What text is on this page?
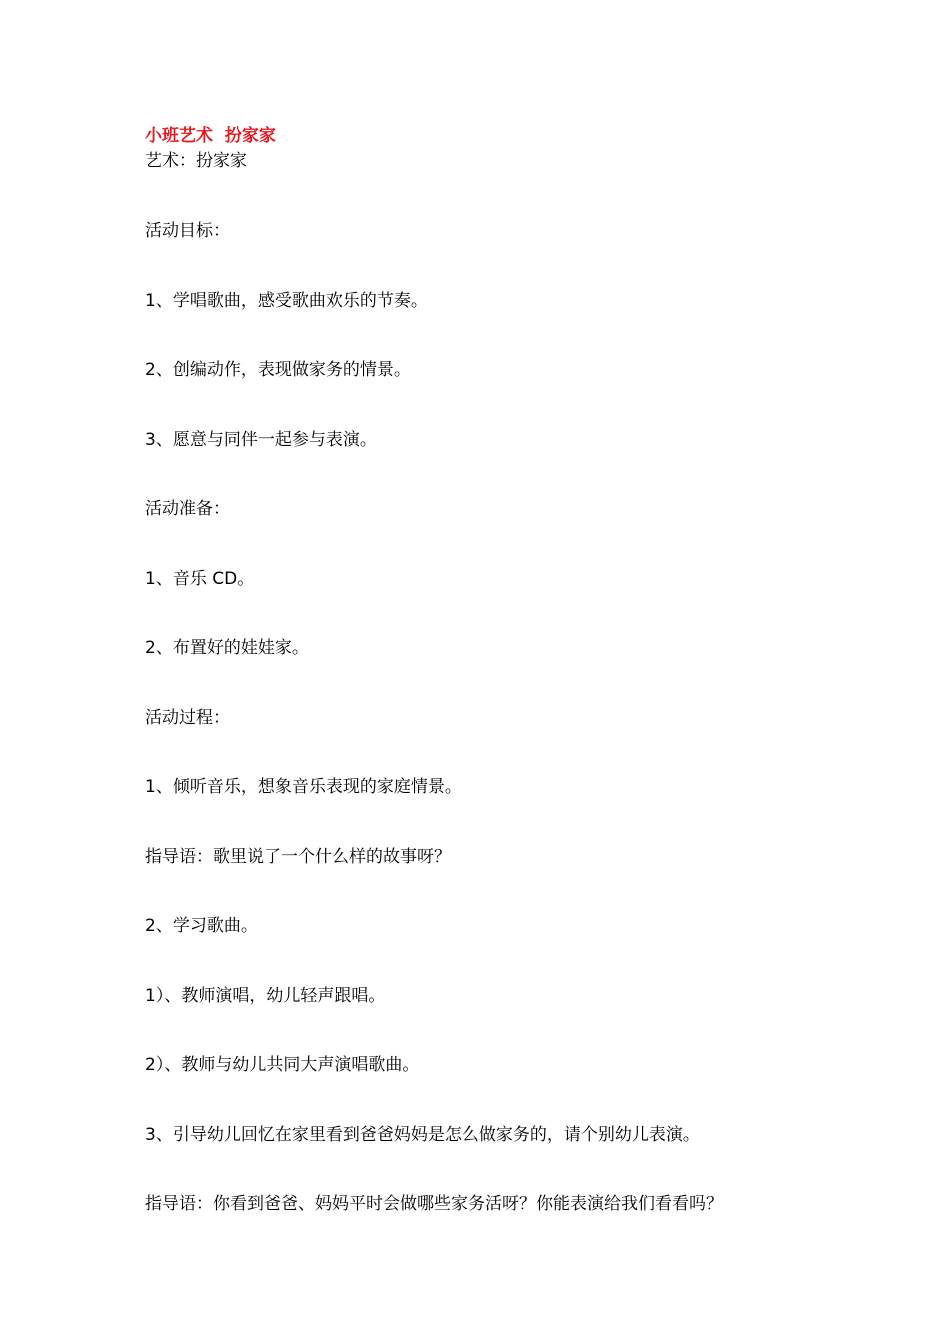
小班艺术  扮家家
艺术：扮家家
活动目标：
1、学唱歌曲，感受歌曲欢乐的节奏。
2、创编动作，表现做家务的情景。
3、愿意与同伴一起参与表演。
活动准备：
1、音乐 CD。
2、布置好的娃娃家。
活动过程：
1、倾听音乐，想象音乐表现的家庭情景。
指导语：歌里说了一个什么样的故事呀？
2、学习歌曲。
1）、教师演唱，幼儿轻声跟唱。
2）、教师与幼儿共同大声演唱歌曲。
3、引导幼儿回忆在家里看到爸爸妈妈是怎么做家务的，请个别幼儿表演。
指导语：你看到爸爸、妈妈平时会做哪些家务活呀？你能表演给我们看看吗？
